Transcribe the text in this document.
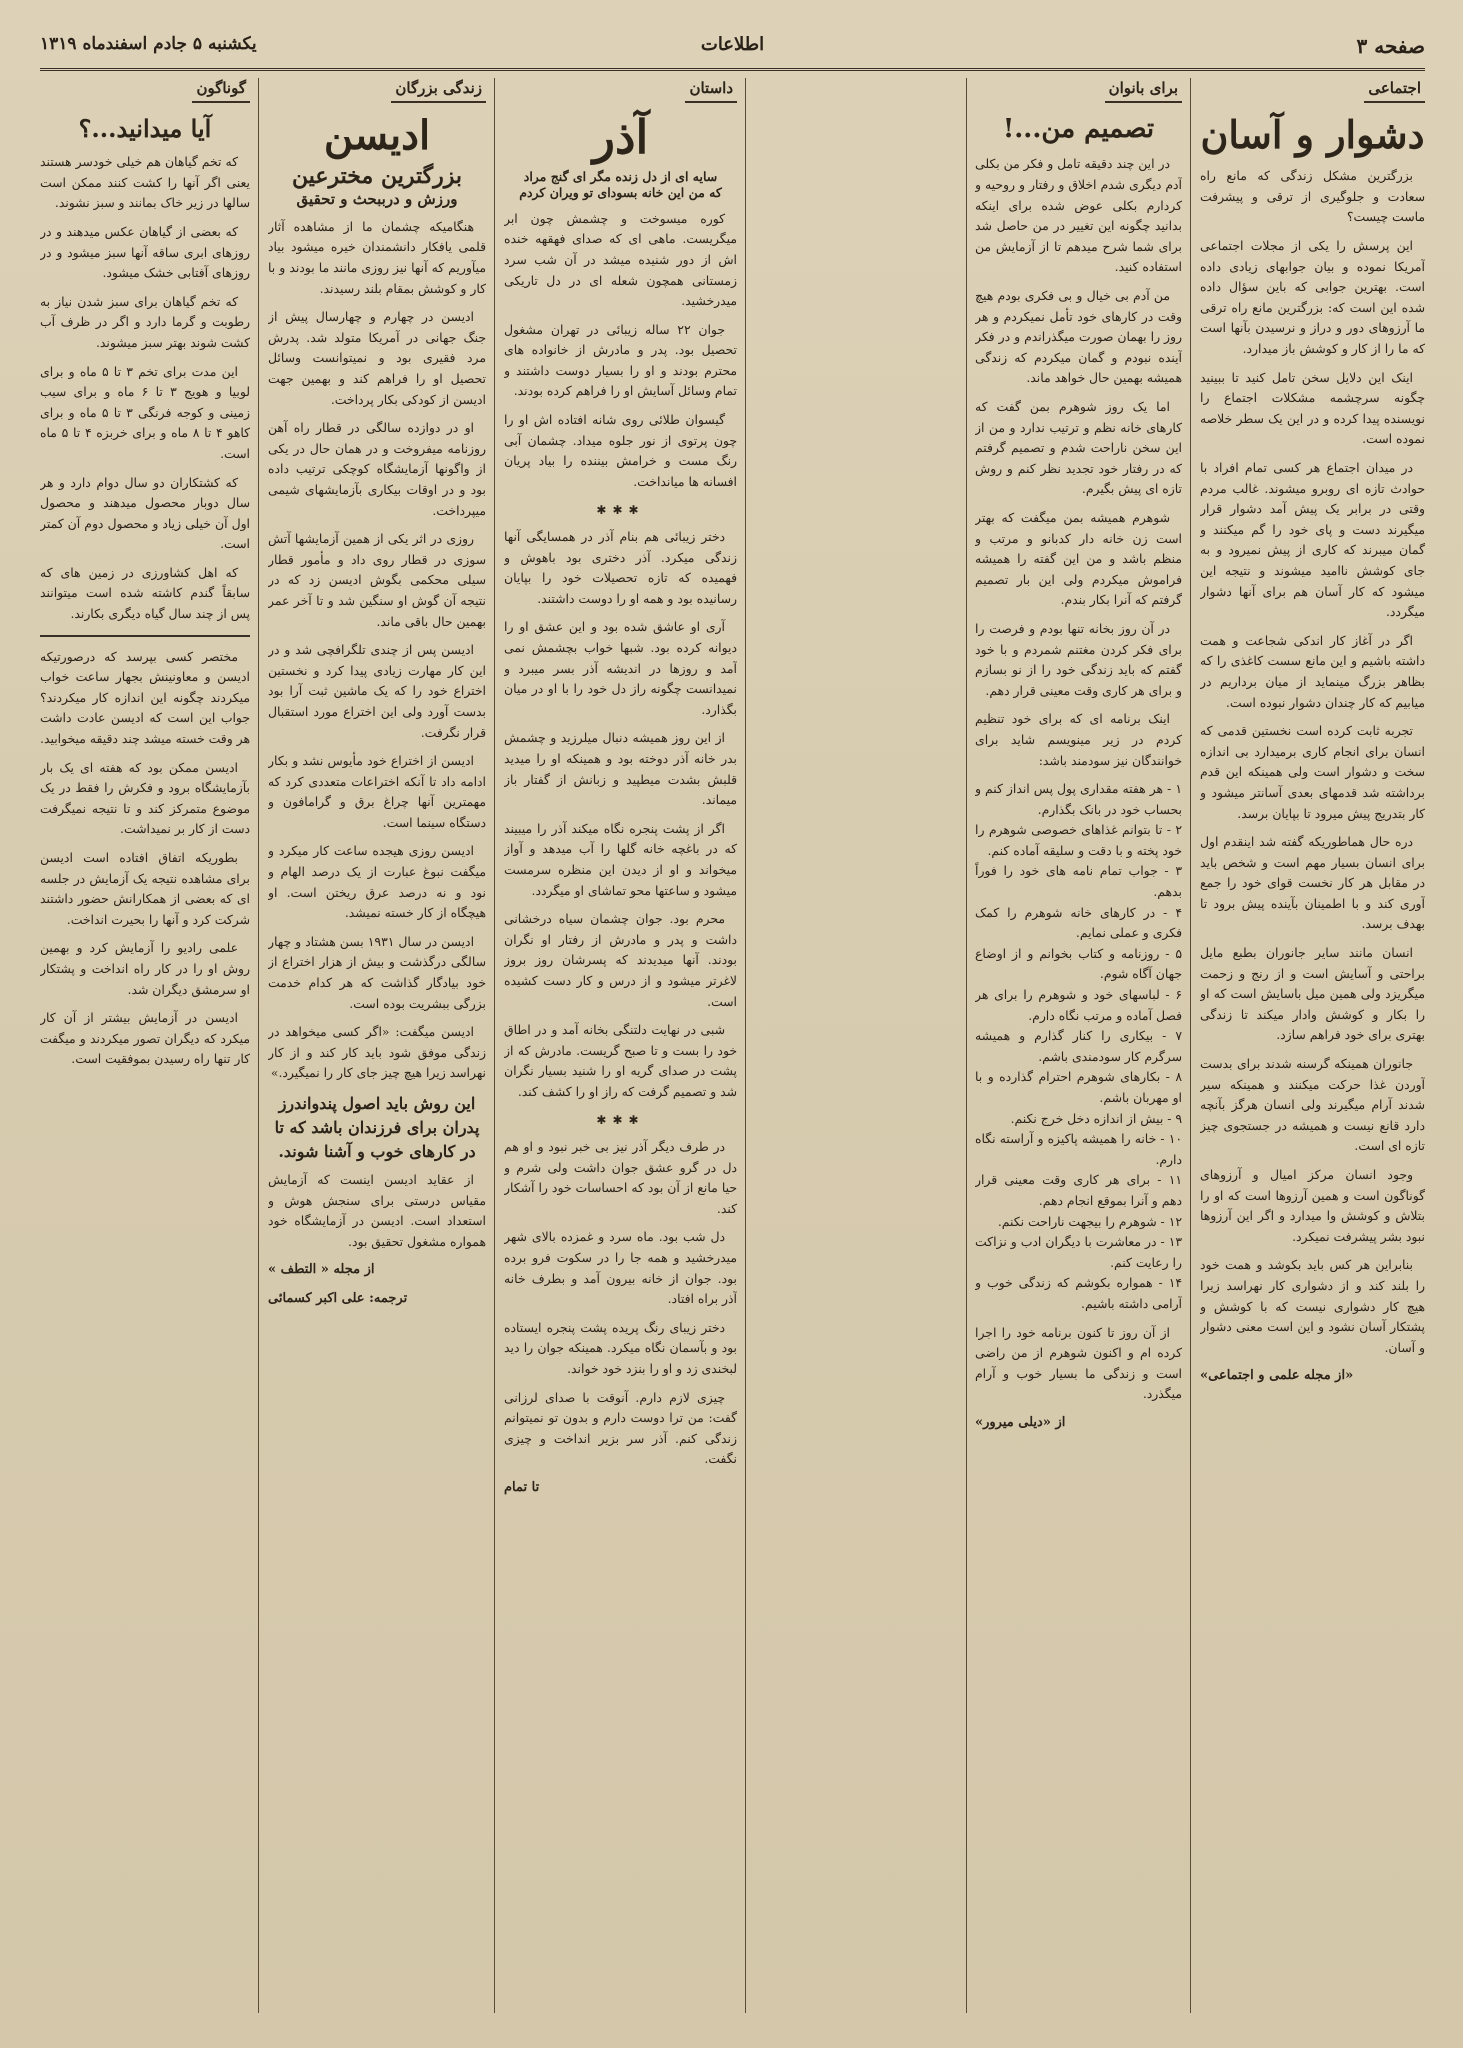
صفحه ۳
اطلاعات
یکشنبه ۵ جادم اسفندماه ۱۳۱۹
اجتماعی
دشوار و آسان

بزرگترین مشکل زندگی که مانع راه سعادت و جلوگیری از ترقی و پیشرفت ماست چیست؟

این پرسش را یکی از مجلات اجتماعی آمریکا نموده و بیان جوابهای زیادی داده است. بهترین جوابی که باین سؤال داده شده این است که: بزرگترین مانع راه ترقی ما آرزوهای دور و دراز و نرسیدن بآنها است که ما را از کار و کوشش باز میدارد.

اینک این دلایل سخن تامل کنید تا ببینید چگونه سرچشمه مشکلات اجتماع را نویسنده پیدا کرده و در این یک سطر خلاصه نموده است.

در میدان اجتماع هر کسی تمام افراد با حوادث تازه ای روبرو میشوند. غالب مردم وقتی در برابر یک پیش آمد دشوار قرار میگیرند دست و پای خود را گم میکنند و گمان میبرند که کاری از پیش نمیرود و به جای کوشش ناامید میشوند و نتیجه این میشود که کار آسان هم برای آنها دشوار میگردد.

اگر در آغاز کار اندکی شجاعت و همت داشته باشیم و این مانع سست کاغذی را که بظاهر بزرگ مینماید از میان برداریم در میابیم که کار چندان دشوار نبوده است.

تجربه ثابت کرده است نخستین قدمی که انسان برای انجام کاری برمیدارد بی اندازه سخت و دشوار است ولی همینکه این قدم برداشته شد قدمهای بعدی آسانتر میشود و کار بتدریج پیش میرود تا بپایان برسد.

دره حال هماطوریکه گفته شد اینقدم اول برای انسان بسیار مهم است و شخص باید در مقابل هر کار نخست قوای خود را جمع آوری کند و با اطمینان بآینده پیش برود تا بهدف برسد.

انسان مانند سایر جانوران بطبع مایل براحتی و آسایش است و از رنج و زحمت میگریزد ولی همین میل باسایش است که او را بکار و کوشش وادار میکند تا زندگی بهتری برای خود فراهم سازد.

جانوران همینکه گرسنه شدند برای بدست آوردن غذا حرکت میکنند و همینکه سیر شدند آرام میگیرند ولی انسان هرگز بآنچه دارد قانع نیست و همیشه در جستجوی چیز تازه ای است.

وجود انسان مرکز امیال و آرزوهای گوناگون است و همین آرزوها است که او را بتلاش و کوشش وا میدارد و اگر این آرزوها نبود بشر پیشرفت نمیکرد.

بنابراین هر کس باید بکوشد و همت خود را بلند کند و از دشواری کار نهراسد زیرا هیچ کار دشواری نیست که با کوشش و پشتکار آسان نشود و این است معنی دشوار و آسان.

«از مجله علمی و اجتماعی»
برای بانوان
تصمیم من...!

در این چند دقیقه تامل و فکر من بکلی آدم دیگری شدم اخلاق و رفتار و روحیه و کردارم بکلی عوض شده برای اینکه بدانید چگونه این تغییر در من حاصل شد برای شما شرح میدهم تا از آزمایش من استفاده کنید.

من آدم بی خیال و بی فکری بودم هیچ وقت در کارهای خود تأمل نمیکردم و هر روز را بهمان صورت میگذراندم و در فکر آینده نبودم و گمان میکردم که زندگی همیشه بهمین حال خواهد ماند.

اما یک روز شوهرم بمن گفت که کارهای خانه نظم و ترتیب ندارد و من از این سخن ناراحت شدم و تصمیم گرفتم که در رفتار خود تجدید نظر کنم و روش تازه ای پیش بگیرم.

شوهرم همیشه بمن میگفت که بهتر است زن خانه دار کدبانو و مرتب و منظم باشد و من این گفته را همیشه فراموش میکردم ولی این بار تصمیم گرفتم که آنرا بکار بندم.

در آن روز بخانه تنها بودم و فرصت را برای فکر کردن مغتنم شمردم و با خود گفتم که باید زندگی خود را از نو بسازم و برای هر کاری وقت معینی قرار دهم.

اینک برنامه ای که برای خود تنظیم کردم در زیر مینویسم شاید برای خوانندگان نیز سودمند باشد:

۱ - هر هفته مقداری پول پس انداز کنم و بحساب خود در بانک بگذارم.
۲ - تا بتوانم غذاهای خصوصی شوهرم را خود پخته و با دقت و سلیقه آماده کنم.
۳ - جواب تمام نامه های خود را فوراً بدهم.
۴ - در کارهای خانه شوهرم را کمک فکری و عملی نمایم.
۵ - روزنامه و کتاب بخوانم و از اوضاع جهان آگاه شوم.
۶ - لباسهای خود و شوهرم را برای هر فصل آماده و مرتب نگاه دارم.
۷ - بیکاری را کنار گذارم و همیشه سرگرم کار سودمندی باشم.
۸ - بکارهای شوهرم احترام گذارده و با او مهربان باشم.
۹ - بیش از اندازه دخل خرج نکنم.
۱۰ - خانه را همیشه پاکیزه و آراسته نگاه دارم.
۱۱ - برای هر کاری وقت معینی قرار دهم و آنرا بموقع انجام دهم.
۱۲ - شوهرم را بیجهت ناراحت نکنم.
۱۳ - در معاشرت با دیگران ادب و نزاکت را رعایت کنم.
۱۴ - همواره بکوشم که زندگی خوب و آرامی داشته باشیم.

از آن روز تا کنون برنامه خود را اجرا کرده ام و اکنون شوهرم از من راضی است و زندگی ما بسیار خوب و آرام میگذرد.

از «دیلی میرور»
داستان
آذر
سایه ای از دل زنده مگر ای گنج مراد
که من این خانه بسودای تو ویران کردم

کوره میسوخت و چشمش چون ابر میگریست. ماهی ای که صدای فهقهه خنده اش از دور شنیده میشد در آن شب سرد زمستانی همچون شعله ای در دل تاریکی میدرخشید.

جوان ۲۲ ساله زیبائی در تهران مشغول تحصیل بود. پدر و مادرش از خانواده های محترم بودند و او را بسیار دوست داشتند و تمام وسائل آسایش او را فراهم کرده بودند.

گیسوان طلائی روی شانه افتاده اش او را چون پرتوی از نور جلوه میداد. چشمان آبی رنگ مست و خرامش بیننده را بیاد پریان افسانه ها میانداخت.

✱✱✱

دختر زیبائی هم بنام آذر در همسایگی آنها زندگی میکرد. آذر دختری بود باهوش و فهمیده که تازه تحصیلات خود را بپایان رسانیده بود و همه او را دوست داشتند.

آری او عاشق شده بود و این عشق او را دیوانه کرده بود. شبها خواب بچشمش نمی آمد و روزها در اندیشه آذر بسر میبرد و نمیدانست چگونه راز دل خود را با او در میان بگذارد.

از این روز همیشه دنبال میلرزید و چشمش بدر خانه آذر دوخته بود و همینکه او را میدید قلبش بشدت میطپید و زبانش از گفتار باز میماند.

اگر از پشت پنجره نگاه میکند آذر را میبیند که در باغچه خانه گلها را آب میدهد و آواز میخواند و او از دیدن این منظره سرمست میشود و ساعتها محو تماشای او میگردد.

محرم بود. جوان چشمان سیاه درخشانی داشت و پدر و مادرش از رفتار او نگران بودند. آنها میدیدند که پسرشان روز بروز لاغرتر میشود و از درس و کار دست کشیده است.

شبی در نهایت دلتنگی بخانه آمد و در اطاق خود را بست و تا صبح گریست. مادرش که از پشت در صدای گریه او را شنید بسیار نگران شد و تصمیم گرفت که راز او را کشف کند.

✱✱✱

در طرف دیگر آذر نیز بی خبر نبود و او هم دل در گرو عشق جوان داشت ولی شرم و حیا مانع از آن بود که احساسات خود را آشکار کند.

دل شب بود. ماه سرد و غمزده بالای شهر میدرخشید و همه جا را در سکوت فرو برده بود. جوان از خانه بیرون آمد و بطرف خانه آذر براه افتاد.

دختر زیبای رنگ پریده پشت پنجره ایستاده بود و بآسمان نگاه میکرد. همینکه جوان را دید لبخندی زد و او را بنزد خود خواند.

چیزی لازم دارم. آنوقت با صدای لرزانی گفت: من ترا دوست دارم و بدون تو نمیتوانم زندگی کنم. آذر سر بزیر انداخت و چیزی نگفت.

تا تمام
زندگی بزرگان
ادیسن
بزرگترین مخترعین
ورزش و درببحث و تحقیق

هنگامیکه چشمان ما از مشاهده آثار قلمی یافکار دانشمندان خیره میشود بیاد میآوریم که آنها نیز روزی مانند ما بودند و با کار و کوشش بمقام بلند رسیدند.

ادیسن در چهارم و چهارسال پیش از جنگ جهانی در آمریکا متولد شد. پدرش مرد فقیری بود و نمیتوانست وسائل تحصیل او را فراهم کند و بهمین جهت ادیسن از کودکی بکار پرداخت.

او در دوازده سالگی در قطار راه آهن روزنامه میفروخت و در همان حال در یکی از واگونها آزمایشگاه کوچکی ترتیب داده بود و در اوقات بیکاری بآزمایشهای شیمی میپرداخت.

روزی در اثر یکی از همین آزمایشها آتش سوزی در قطار روی داد و مأمور قطار سیلی محکمی بگوش ادیسن زد که در نتیجه آن گوش او سنگین شد و تا آخر عمر بهمین حال باقی ماند.

ادیسن پس از چندی تلگرافچی شد و در این کار مهارت زیادی پیدا کرد و نخستین اختراع خود را که یک ماشین ثبت آرا بود بدست آورد ولی این اختراع مورد استقبال قرار نگرفت.

ادیسن از اختراع خود مأیوس نشد و بکار ادامه داد تا آنکه اختراعات متعددی کرد که مهمترین آنها چراغ برق و گرامافون و دستگاه سینما است.

ادیسن روزی هیجده ساعت کار میکرد و میگفت نبوغ عبارت از یک درصد الهام و نود و نه درصد عرق ریختن است. او هیچگاه از کار خسته نمیشد.

ادیسن در سال ۱۹۳۱ بسن هشتاد و چهار سالگی درگذشت و بیش از هزار اختراع از خود بیادگار گذاشت که هر کدام خدمت بزرگی ببشریت بوده است.

ادیسن میگفت: «اگر کسی میخواهد در زندگی موفق شود باید کار کند و از کار نهراسد زیرا هیچ چیز جای کار را نمیگیرد.»

این روش باید اصول پندواندرز پدران برای فرزندان باشد که تا در کارهای خوب و آشنا شوند.

از عقاید ادیسن اینست که آزمایش مقیاس درستی برای سنجش هوش و استعداد است. ادیسن در آزمایشگاه خود همواره مشغول تحقیق بود.

از مجله « التطف »
ترجمه: علی اکبر کسمائی
گوناگون
آیا میدانید...؟

که تخم گیاهان هم خیلی خودسر هستند یعنی اگر آنها را کشت کنند ممکن است سالها در زیر خاک بمانند و سبز نشوند.

که بعضی از گیاهان عکس میدهند و در روزهای ابری ساقه آنها سبز میشود و در روزهای آفتابی خشک میشود.

که تخم گیاهان برای سبز شدن نیاز به رطوبت و گرما دارد و اگر در ظرف آب کشت شوند بهتر سبز میشوند.

این مدت برای تخم ۳ تا ۵ ماه و برای لوبیا و هویج ۳ تا ۶ ماه و برای سیب زمینی و کوجه فرنگی ۳ تا ۵ ماه و برای کاهو ۴ تا ۸ ماه و برای خربزه ۴ تا ۵ ماه است.

که کشتکاران دو سال دوام دارد و هر سال دوبار محصول میدهند و محصول اول آن خیلی زیاد و محصول دوم آن کمتر است.

که اهل کشاورزی در زمین های که سابقاً گندم کاشته شده است میتوانند پس از چند سال گیاه دیگری بکارند.

مختصر کسی بپرسد که درصورتیکه ادیسن و معاونینش بجهار ساعت خواب میکردند چگونه این اندازه کار میکردند؟ جواب این است که ادیسن عادت داشت هر وقت خسته میشد چند دقیقه میخوابید.

ادیسن ممکن بود که هفته ای یک بار بآزمایشگاه برود و فکرش را فقط در یک موضوع متمرکز کند و تا نتیجه نمیگرفت دست از کار بر نمیداشت.

بطوریکه اتفاق افتاده است ادیسن برای مشاهده نتیجه یک آزمایش در جلسه ای که بعضی از همکارانش حضور داشتند شرکت کرد و آنها را بحیرت انداخت.

علمی رادیو را آزمایش کرد و بهمین روش او را در کار راه انداخت و پشتکار او سرمشق دیگران شد.

ادیسن در آزمایش بیشتر از آن کار میکرد که دیگران تصور میکردند و میگفت کار تنها راه رسیدن بموفقیت است.
